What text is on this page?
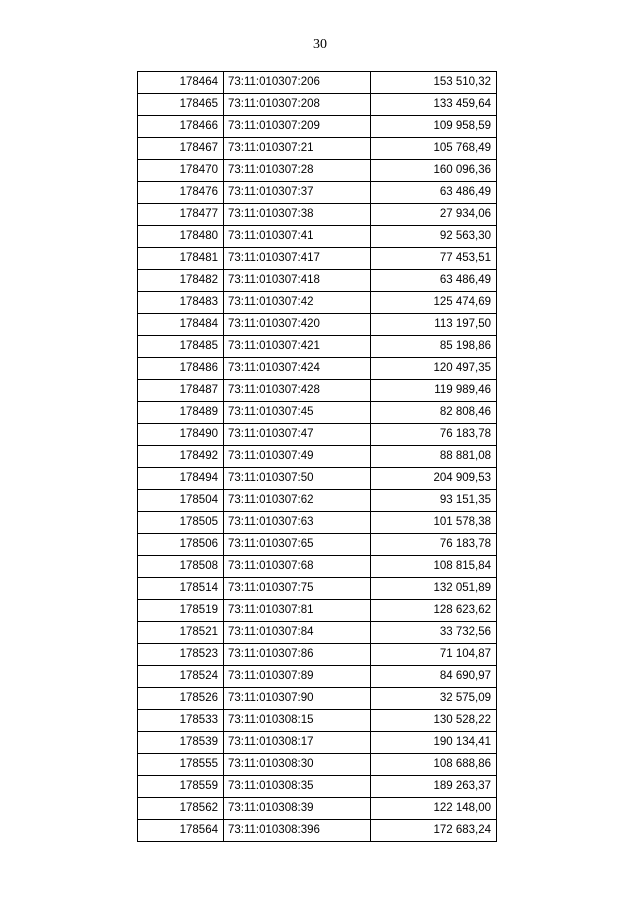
30
178464	73:11:010307:206	153 510,32
178465	73:11:010307:208	133 459,64
178466	73:11:010307:209	109 958,59
178467	73:11:010307:21	105 768,49
178470	73:11:010307:28	160 096,36
178476	73:11:010307:37	63 486,49
178477	73:11:010307:38	27 934,06
178480	73:11:010307:41	92 563,30
178481	73:11:010307:417	77 453,51
178482	73:11:010307:418	63 486,49
178483	73:11:010307:42	125 474,69
178484	73:11:010307:420	113 197,50
178485	73:11:010307:421	85 198,86
178486	73:11:010307:424	120 497,35
178487	73:11:010307:428	119 989,46
178489	73:11:010307:45	82 808,46
178490	73:11:010307:47	76 183,78
178492	73:11:010307:49	88 881,08
178494	73:11:010307:50	204 909,53
178504	73:11:010307:62	93 151,35
178505	73:11:010307:63	101 578,38
178506	73:11:010307:65	76 183,78
178508	73:11:010307:68	108 815,84
178514	73:11:010307:75	132 051,89
178519	73:11:010307:81	128 623,62
178521	73:11:010307:84	33 732,56
178523	73:11:010307:86	71 104,87
178524	73:11:010307:89	84 690,97
178526	73:11:010307:90	32 575,09
178533	73:11:010308:15	130 528,22
178539	73:11:010308:17	190 134,41
178555	73:11:010308:30	108 688,86
178559	73:11:010308:35	189 263,37
178562	73:11:010308:39	122 148,00
178564	73:11:010308:396	172 683,24
